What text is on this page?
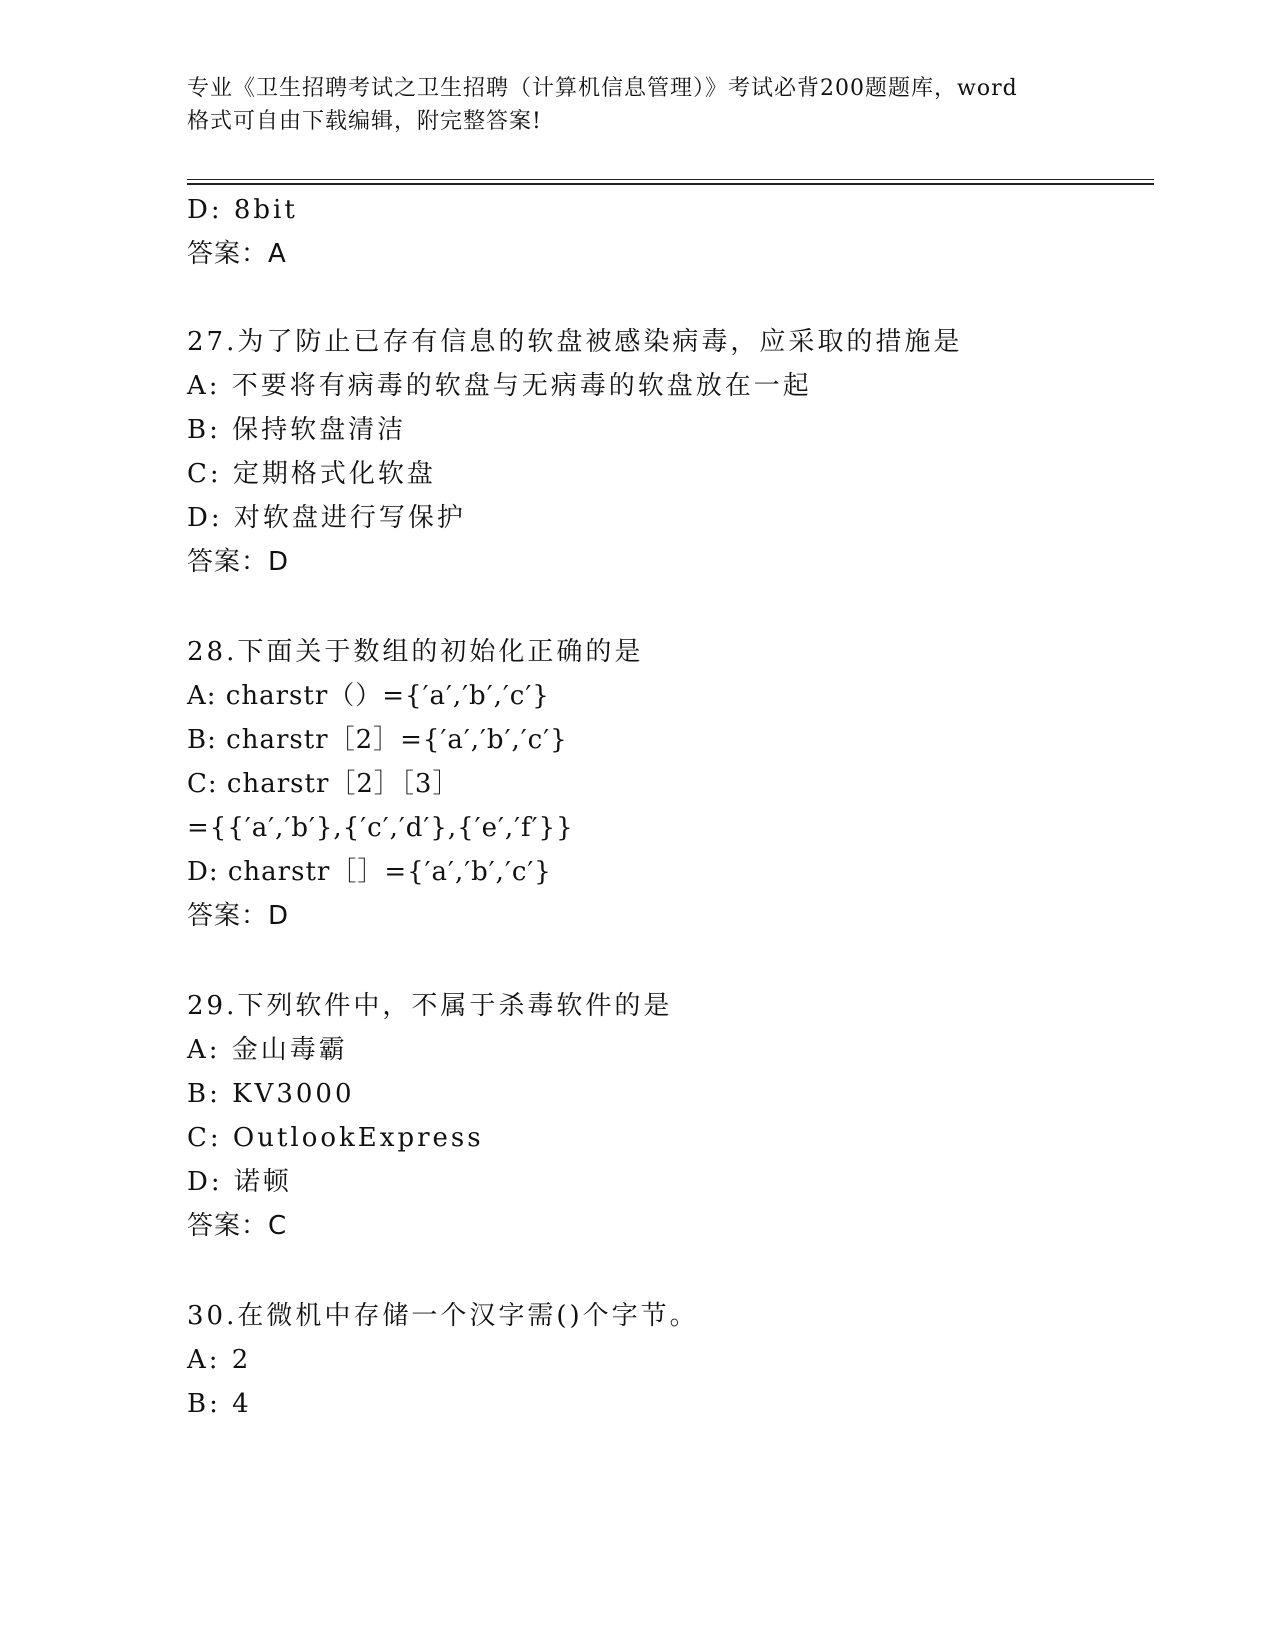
专业《卫生招聘考试之卫生招聘（计算机信息管理）》考试必背200题题库，word
格式可自由下载编辑，附完整答案!
D: 8bit
答案：A
27.为了防止已存有信息的软盘被感染病毒，应采取的措施是
A: 不要将有病毒的软盘与无病毒的软盘放在一起
B: 保持软盘清洁
C: 定期格式化软盘
D: 对软盘进行写保护
答案：D
28.下面关于数组的初始化正确的是
A: charstr（）={′a′,′b′,′c′}
B: charstr［2］={′a′,′b′,′c′}
C: charstr［2］［3］
={{′a′,′b′},{′c′,′d′},{′e′,′f′}}
D: charstr［］={′a′,′b′,′c′}
答案：D
29.下列软件中，不属于杀毒软件的是
A: 金山毒霸
B: KV3000
C: OutlookExpress
D: 诺顿
答案：C
30.在微机中存储一个汉字需()个字节。
A: 2
B: 4
